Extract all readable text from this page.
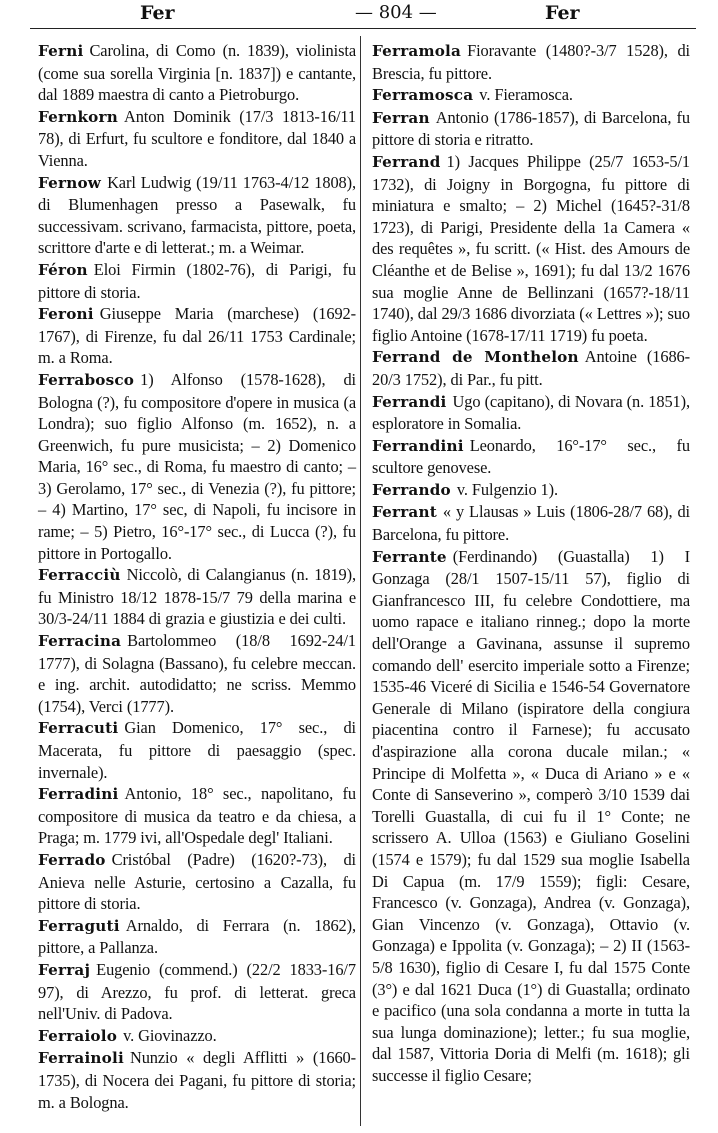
Fer	— 804 —	Fer

Ferni Carolina, di Como (n. 1839), violinista (come sua sorella Virginia [n. 1837]) e cantante, dal 1889 maestra di canto a Pietroburgo.

Fernkorn Anton Dominik (17/3 1813-16/11 78), di Erfurt, fu scultore e fonditore, dal 1840 a Vienna.

Fernow Karl Ludwig (19/11 1763-4/12 1808), di Blumenhagen presso a Pasewalk, fu successivam. scrivano, farmacista, pittore, poeta, scrittore d'arte e di letterat.; m. a Weimar.

Féron Eloi Firmin (1802-76), di Parigi, fu pittore di storia.

Feroni Giuseppe Maria (marchese) (1692-1767), di Firenze, fu dal 26/11 1753 Cardinale; m. a Roma.

Ferrabosco 1) Alfonso (1578-1628), di Bologna (?), fu compositore d'opere in musica (a Londra); suo figlio Alfonso (m. 1652), n. a Greenwich, fu pure musicista; – 2) Domenico Maria, 16° sec., di Roma, fu maestro di canto; – 3) Gerolamo, 17° sec., di Venezia (?), fu pittore; – 4) Martino, 17° sec, di Napoli, fu incisore in rame; – 5) Pietro, 16°-17° sec., di Lucca (?), fu pittore in Portogallo.

Ferracciù Niccolò, di Calangianus (n. 1819), fu Ministro 18/12 1878-15/7 79 della marina e 30/3-24/11 1884 di grazia e giustizia e dei culti.

Ferracina Bartolommeo (18/8 1692-24/1 1777), di Solagna (Bassano), fu celebre meccan. e ing. archit. autodidatto; ne scriss. Memmo (1754), Verci (1777).

Ferracuti Gian Domenico, 17° sec., di Macerata, fu pittore di paesaggio (spec. invernale).

Ferradini Antonio, 18° sec., napolitano, fu compositore di musica da teatro e da chiesa, a Praga; m. 1779 ivi, all'Ospedale degl' Italiani.

Ferrado Cristóbal (Padre) (1620?-73), di Anieva nelle Asturie, certosino a Cazalla, fu pittore di storia.

Ferraguti Arnaldo, di Ferrara (n. 1862), pittore, a Pallanza.

Ferraj Eugenio (commend.) (22/2 1833-16/7 97), di Arezzo, fu prof. di letterat. greca nell'Univ. di Padova.

Ferraiolo v. Giovinazzo.

Ferrainoli Nunzio « degli Afflitti » (1660-1735), di Nocera dei Pagani, fu pittore di storia; m. a Bologna.

Ferramola Fioravante (1480?-3/7 1528), di Brescia, fu pittore.

Ferramosca v. Fieramosca.

Ferran Antonio (1786-1857), di Barcelona, fu pittore di storia e ritratto.

Ferrand 1) Jacques Philippe (25/7 1653-5/1 1732), di Joigny in Borgogna, fu pittore di miniatura e smalto; – 2) Michel (1645?-31/8 1723), di Parigi, Presidente della 1a Camera « des requêtes », fu scritt. (« Hist. des Amours de Cléanthe et de Belise », 1691); fu dal 13/2 1676 sua moglie Anne de Bellinzani (1657?-18/11 1740), dal 29/3 1686 divorziata (« Lettres »); suo figlio Antoine (1678-17/11 1719) fu poeta.

Ferrand de Monthelon Antoine (1686-20/3 1752), di Par., fu pitt.

Ferrandi Ugo (capitano), di Novara (n. 1851), esploratore in Somalia.

Ferrandini Leonardo, 16°-17° sec., fu scultore genovese.

Ferrando v. Fulgenzio 1).

Ferrant « y Llausas » Luis (1806-28/7 68), di Barcelona, fu pittore.

Ferrante (Ferdinando) (Guastalla) 1) I Gonzaga (28/1 1507-15/11 57), figlio di Gianfrancesco III, fu celebre Condottiere, ma uomo rapace e italiano rinneg.; dopo la morte dell'Orange a Gavinana, assunse il supremo comando dell' esercito imperiale sotto a Firenze; 1535-46 Viceré di Sicilia e 1546-54 Governatore Generale di Milano (ispiratore della congiura piacentina contro il Farnese); fu accusato d'aspirazione alla corona ducale milan.; « Principe di Molfetta », « Duca di Ariano » e « Conte di Sanseverino », comperò 3/10 1539 dai Torelli Guastalla, di cui fu il 1° Conte; ne scrissero A. Ulloa (1563) e Giuliano Goselini (1574 e 1579); fu dal 1529 sua moglie Isabella Di Capua (m. 17/9 1559); figli: Cesare, Francesco (v. Gonzaga), Andrea (v. Gonzaga), Gian Vincenzo (v. Gonzaga), Ottavio (v. Gonzaga) e Ippolita (v. Gonzaga); – 2) II (1563-5/8 1630), figlio di Cesare I, fu dal 1575 Conte (3°) e dal 1621 Duca (1°) di Guastalla; ordinato e pacifico (una sola condanna a morte in tutta la sua lunga dominazione); letter.; fu sua moglie, dal 1587, Vittoria Doria di Melfi (m. 1618); gli successe il figlio Cesare;
